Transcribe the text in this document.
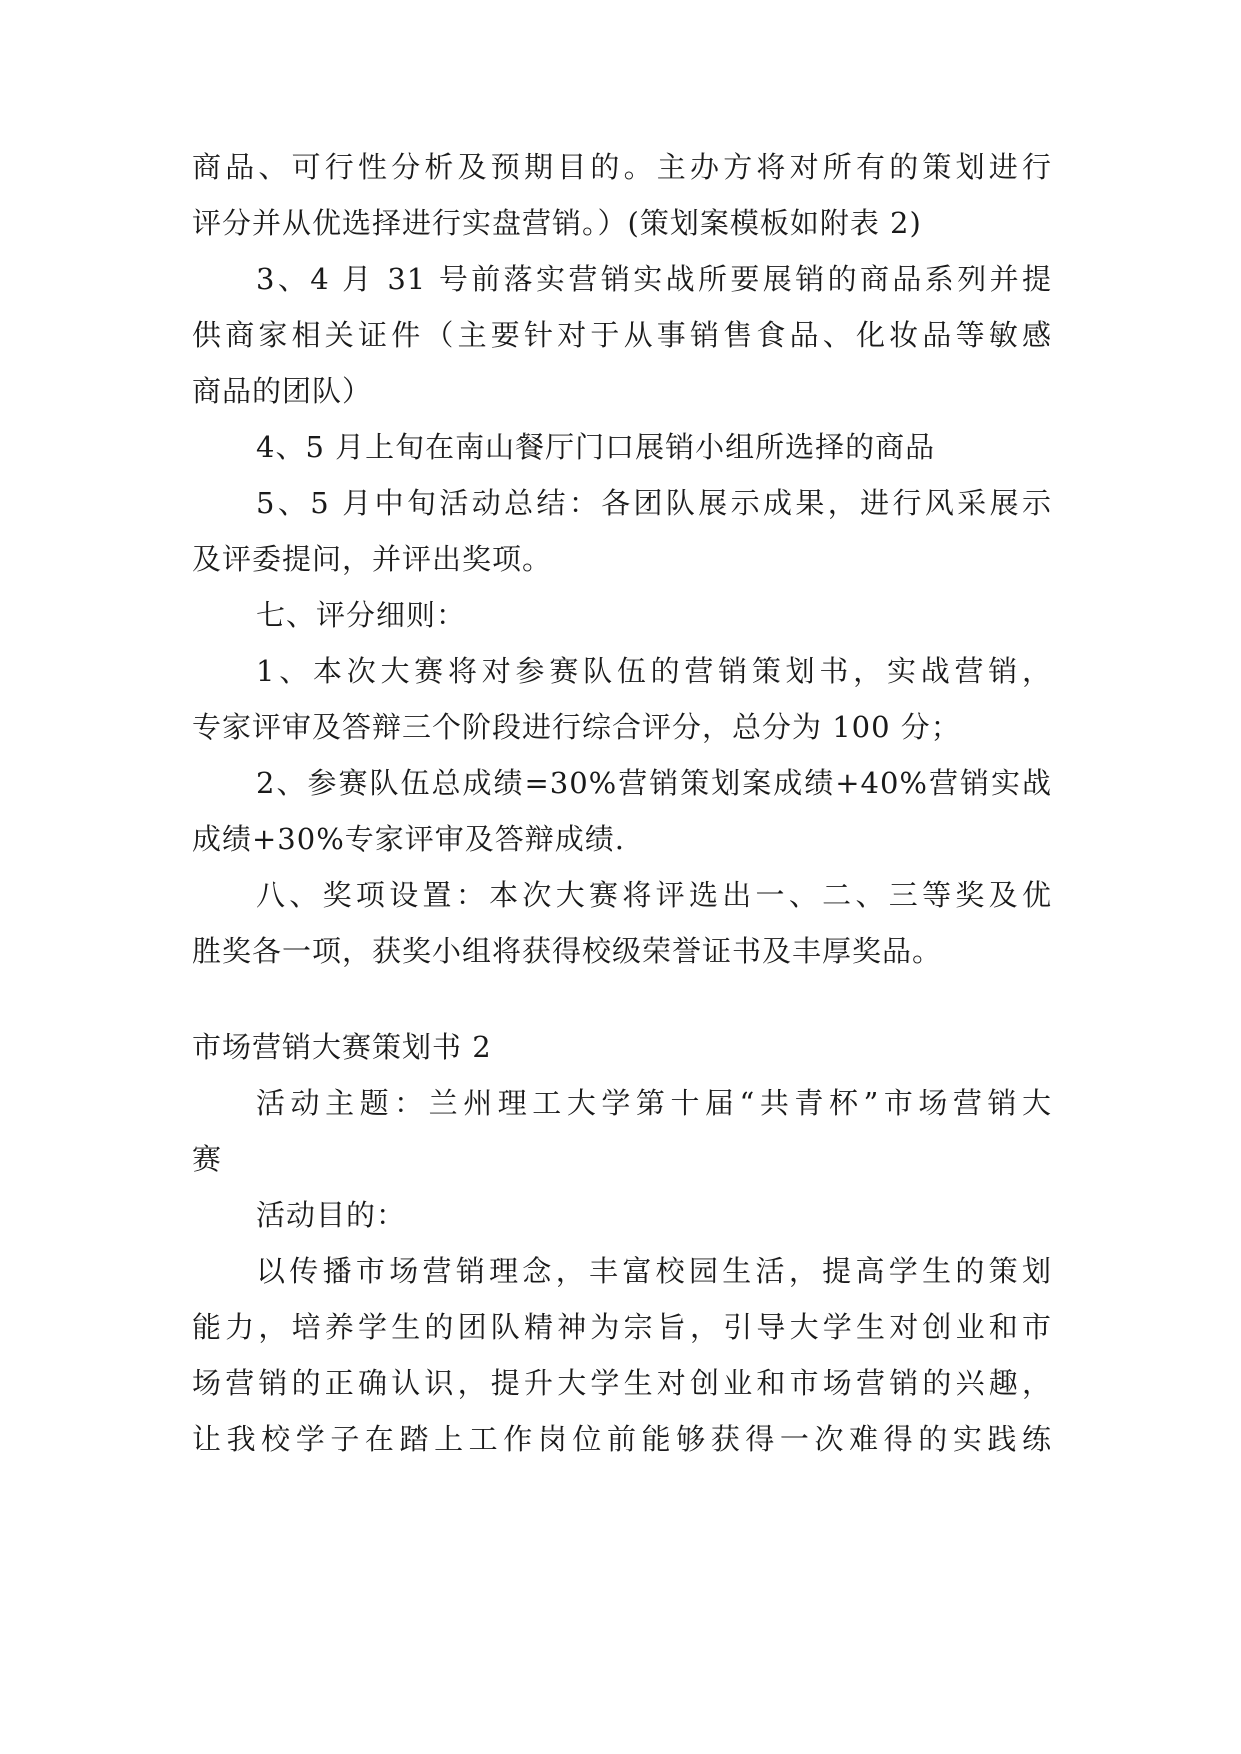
商品、可行性分析及预期目的。主办方将对所有的策划进行
评分并从优选择进行实盘营销。）(策划案模板如附表 2)
3、4 月 31 号前落实营销实战所要展销的商品系列并提
供商家相关证件（主要针对于从事销售食品、化妆品等敏感
商品的团队）
4、5 月上旬在南山餐厅门口展销小组所选择的商品
5、5 月中旬活动总结：各团队展示成果，进行风采展示
及评委提问，并评出奖项。
七、评分细则：
1、本次大赛将对参赛队伍的营销策划书，实战营销，
专家评审及答辩三个阶段进行综合评分，总分为 100 分；
2、参赛队伍总成绩=30%营销策划案成绩+40%营销实战
成绩+30%专家评审及答辩成绩.
八、奖项设置：本次大赛将评选出一、二、三等奖及优
胜奖各一项，获奖小组将获得校级荣誉证书及丰厚奖品。
市场营销大赛策划书 2
活动主题：兰州理工大学第十届“共青杯”市场营销大
赛
活动目的：
以传播市场营销理念，丰富校园生活，提高学生的策划
能力，培养学生的团队精神为宗旨，引导大学生对创业和市
场营销的正确认识，提升大学生对创业和市场营销的兴趣，
让我校学子在踏上工作岗位前能够获得一次难得的实践练
